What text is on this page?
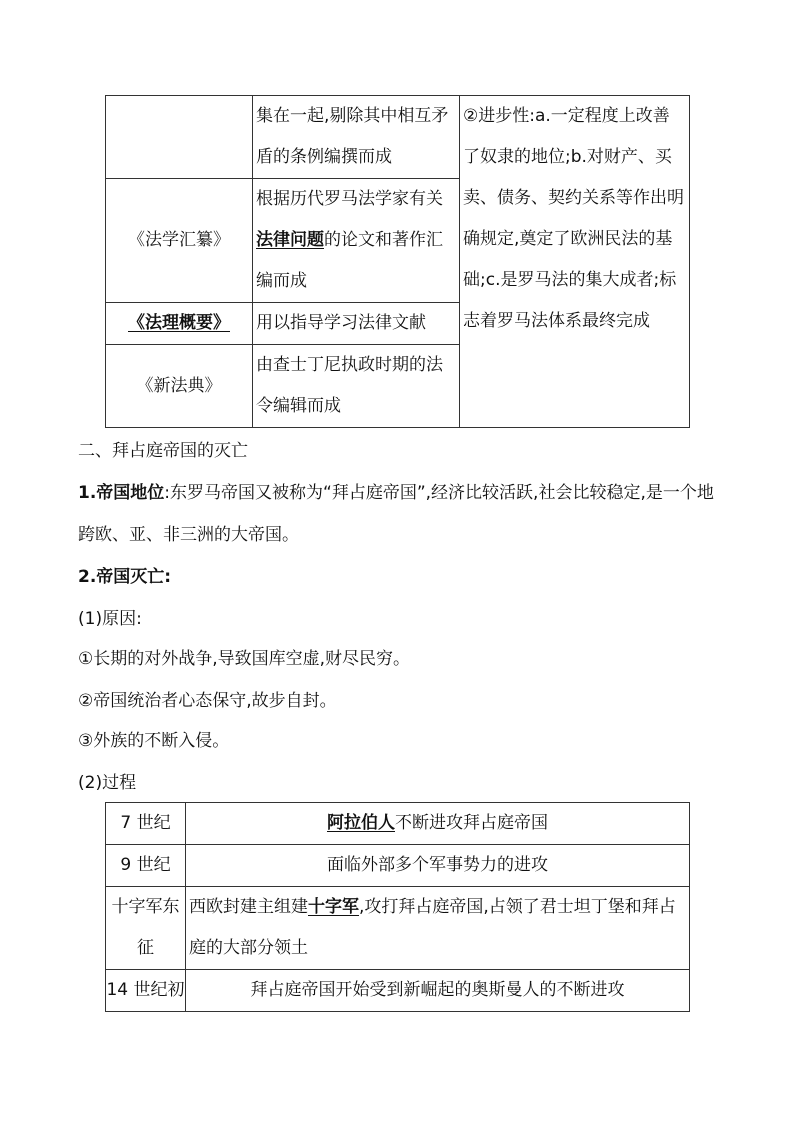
	集在一起,剔除其中相互矛盾的条例编撰而成	②进步性:a.一定程度上改善了奴隶的地位;b.对财产、买卖、债务、契约关系等作出明确规定,奠定了欧洲民法的基础;c.是罗马法的集大成者;标志着罗马法体系最终完成
《法学汇纂》	根据历代罗马法学家有关法律问题的论文和著作汇编而成	
《法理概要》	用以指导学习法律文献	
《新法典》	由查士丁尼执政时期的法令编辑而成	

二、拜占庭帝国的灭亡

1.帝国地位:东罗马帝国又被称为“拜占庭帝国”,经济比较活跃,社会比较稳定,是一个地跨欧、亚、非三洲的大帝国。

2.帝国灭亡:

(1)原因:

①长期的对外战争,导致国库空虚,财尽民穷。

②帝国统治者心态保守,故步自封。

③外族的不断入侵。

(2)过程

7 世纪	阿拉伯人不断进攻拜占庭帝国
9 世纪	面临外部多个军事势力的进攻
十字军东征	西欧封建主组建十字军,攻打拜占庭帝国,占领了君士坦丁堡和拜占庭的大部分领土
14 世纪初	拜占庭帝国开始受到新崛起的奥斯曼人的不断进攻
